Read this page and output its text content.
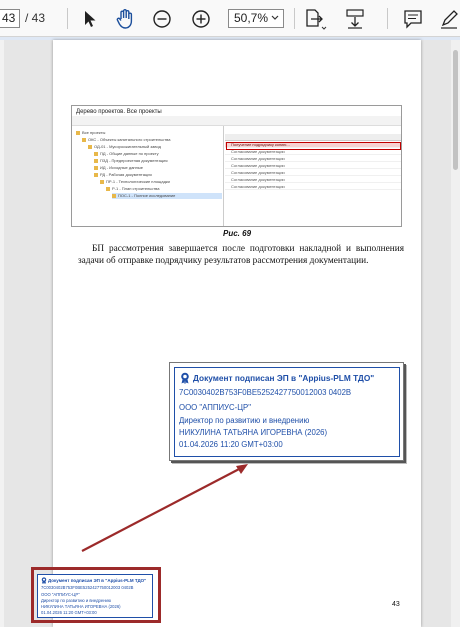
43 / 43	50,7%
Дерево проектов. Все проекты
Все проекты
ОКС - Объекты капитального строительства
ОД-01 - Мусоросжигательный завод
ПД - Общие данные по проекту
ПЗД - Предпроектная документация
ИД - Исходные данные
РД - Рабочая документация
ПР-1 - Технологические площадки
Р-1 - План строительства
ПОС-1 - Полное исследование
Получение подрядчику копию...
Согласование документации
Согласование документации
Согласование документации
Согласование документации
Согласование документации
Согласование документации
Рис. 69
БП рассмотрения завершается после подготовки накладной и выполнения задачи об отправке подрядчику результатов рассмотрения документации.
Документ подписан ЭП в "Appius-PLM ТДО"
7C0030402B753F0BE5252427750012003 0402B
ООО "АППИУС-ЦР"
Директор по развитию и внедрению
НИКУЛИНА ТАТЬЯНА ИГОРЕВНА (2026)
01.04.2026 11:20 GMT+03:00
Документ подписан ЭП в "Appius-PLM ТДО"
7C0030402B753F0BE5252427750012003 0402B
ООО "АППИУС-ЦР"
Директор по развитию и внедрению
НИКУЛИНА ТАТЬЯНА ИГОРЕВНА (2026)
01.04.2026 11:20 GMT+03:00
43
